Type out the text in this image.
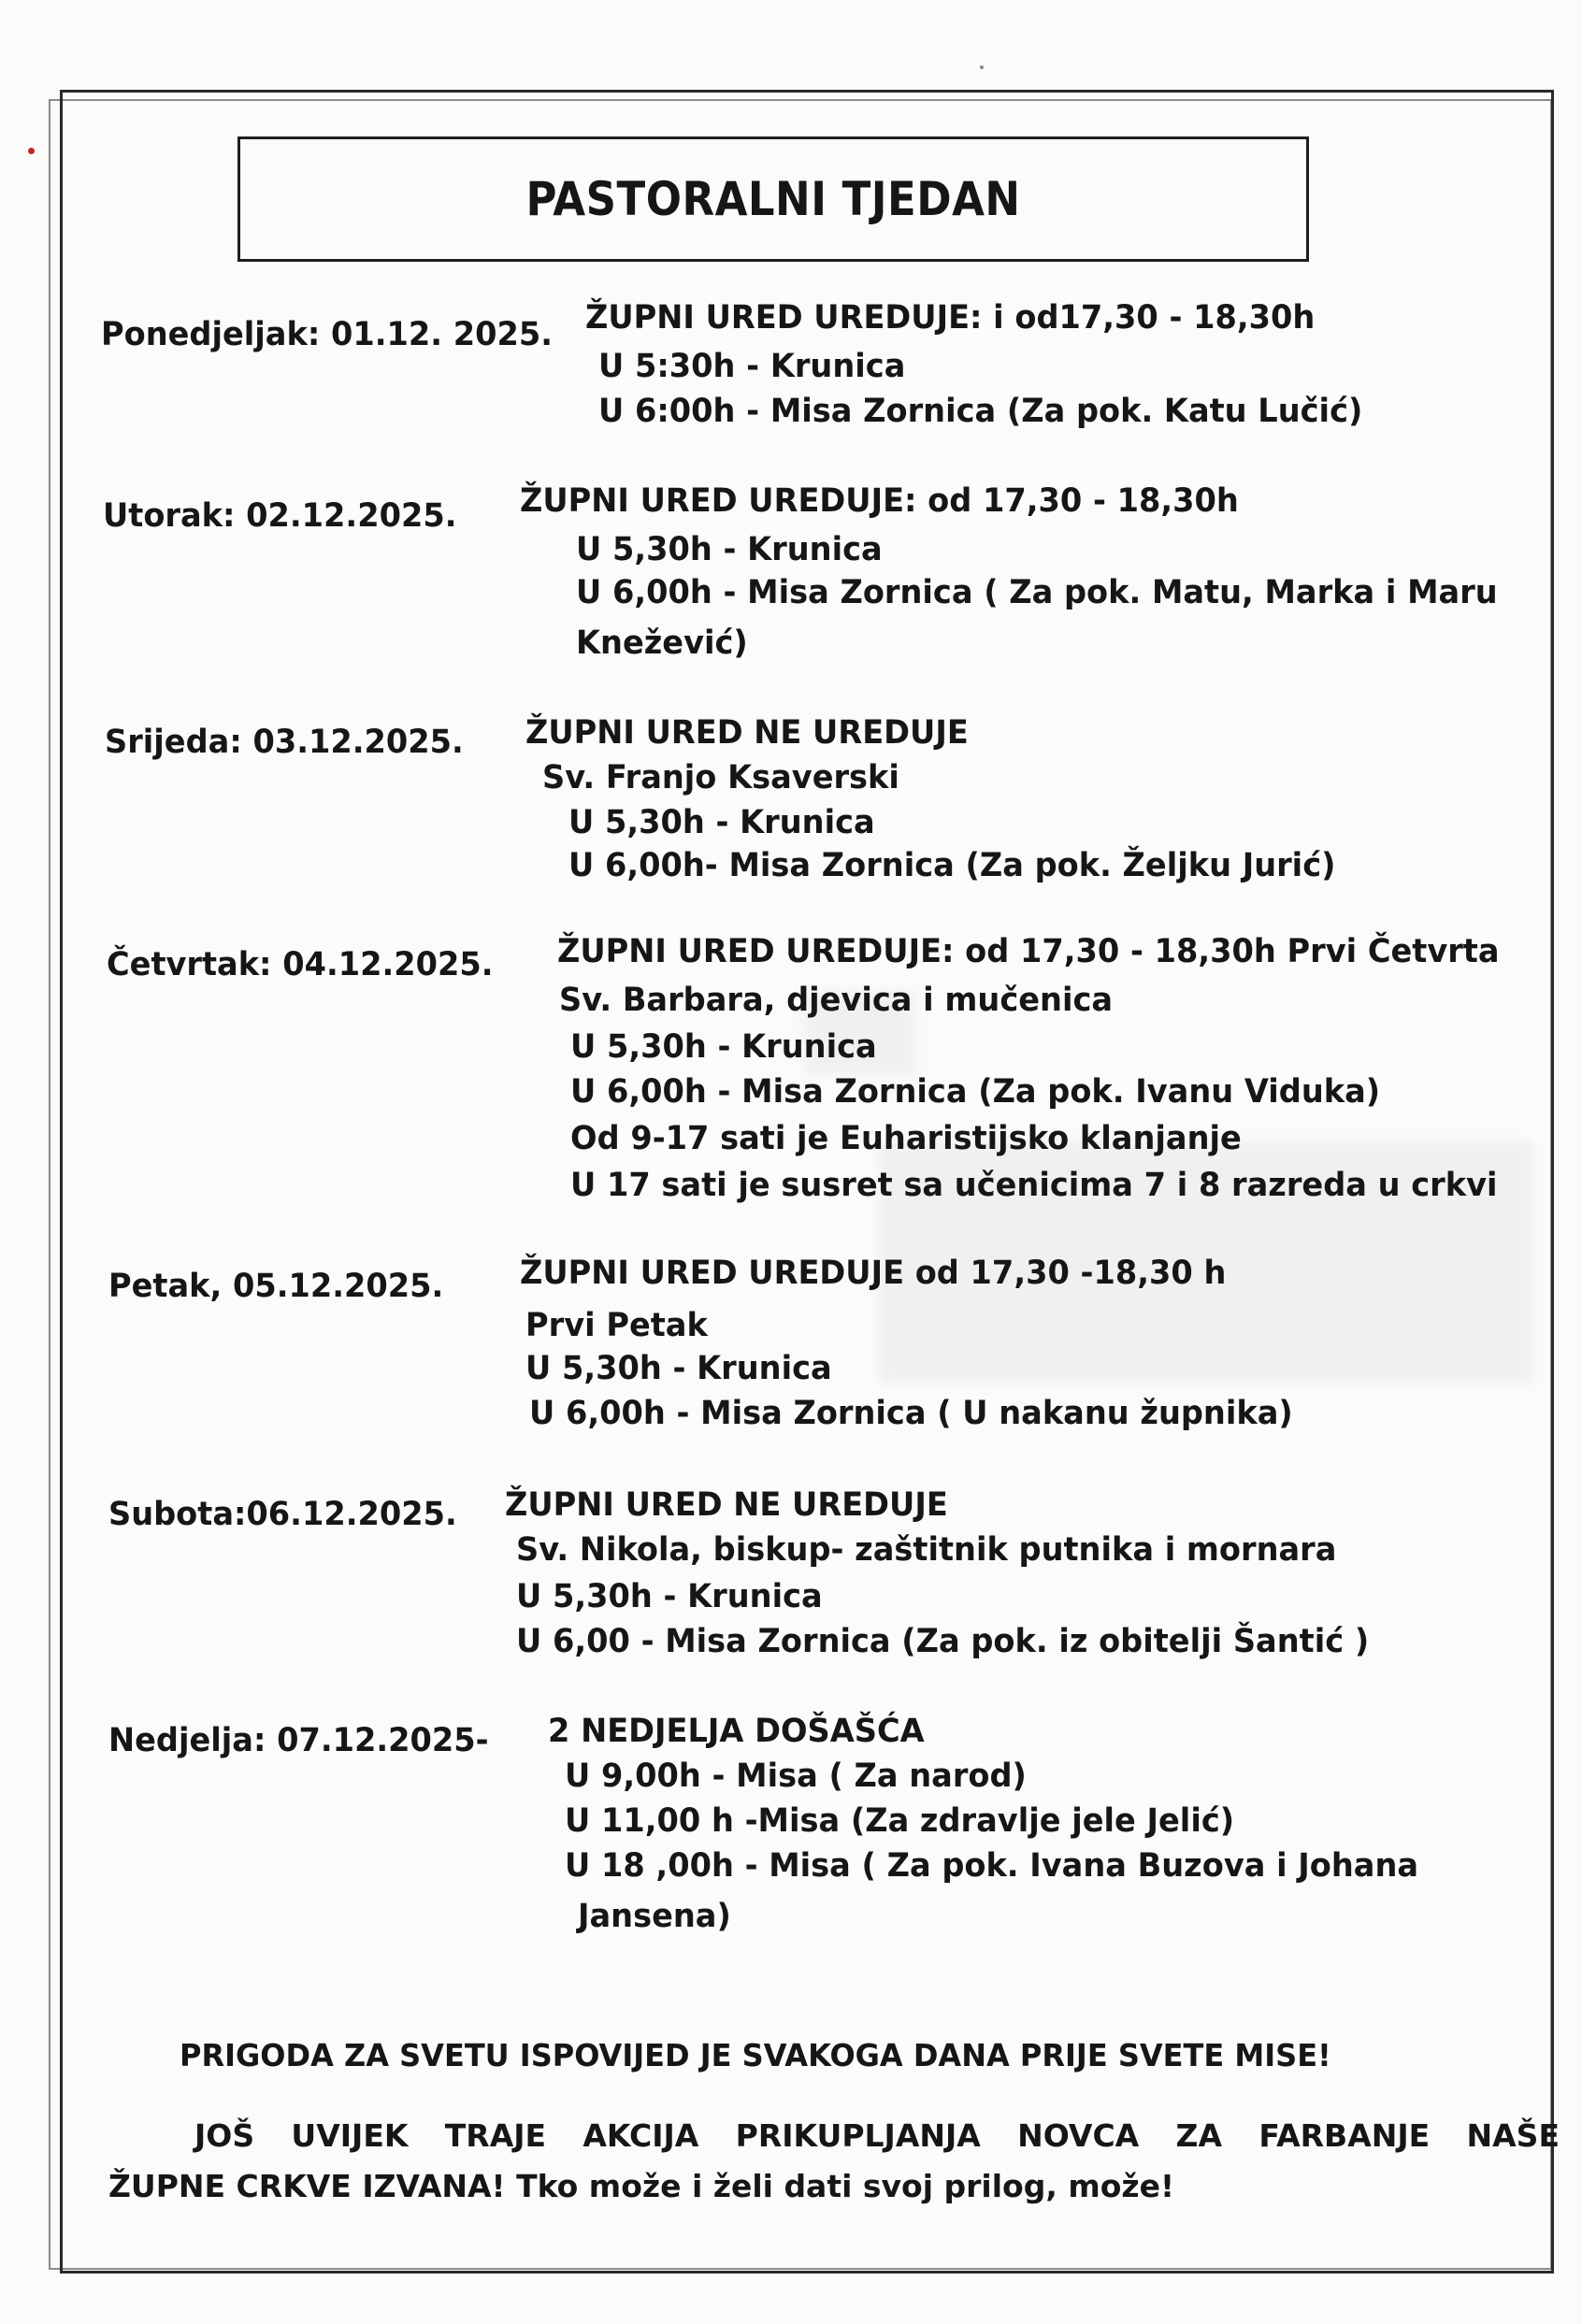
PASTORALNI TJEDAN
Ponedjeljak: 01.12. 2025. ŽUPNI URED UREDUJE: i od17,30 - 18,30h
U 5:30h - Krunica
U 6:00h - Misa Zornica (Za pok. Katu Lučić)
Utorak: 02.12.2025. ŽUPNI URED UREDUJE: od 17,30 - 18,30h
U 5,30h - Krunica
U 6,00h - Misa Zornica ( Za pok. Matu, Marka i Maru
Knežević)
Srijeda: 03.12.2025. ŽUPNI URED NE UREDUJE
Sv. Franjo Ksaverski
U 5,30h - Krunica
U 6,00h- Misa Zornica (Za pok. Željku Jurić)
Četvrtak: 04.12.2025. ŽUPNI URED UREDUJE: od 17,30 - 18,30h Prvi Četvrta
Sv. Barbara, djevica i mučenica
U 5,30h - Krunica
U 6,00h - Misa Zornica (Za pok. Ivanu Viduka)
Od 9-17 sati je Euharistijsko klanjanje
U 17 sati je susret sa učenicima 7 i 8 razreda u crkvi
Petak, 05.12.2025. ŽUPNI URED UREDUJE od 17,30 -18,30 h
Prvi Petak
U 5,30h - Krunica
U 6,00h - Misa Zornica ( U nakanu župnika)
Subota:06.12.2025. ŽUPNI URED NE UREDUJE
Sv. Nikola, biskup- zaštitnik putnika i mornara
U 5,30h - Krunica
U 6,00 - Misa Zornica (Za pok. iz obitelji Šantić )
Nedjelja: 07.12.2025- 2 NEDJELJA DOŠAŠĆA
U 9,00h - Misa ( Za narod)
U 11,00 h -Misa (Za zdravlje jele Jelić)
U 18 ,00h - Misa ( Za pok. Ivana Buzova i Johana
Jansena)
PRIGODA ZA SVETU ISPOVIJED JE SVAKOGA DANA PRIJE SVETE MISE!
JOŠ UVIJEK TRAJE AKCIJA PRIKUPLJANJA NOVCA ZA FARBANJE NAŠE
ŽUPNE CRKVE IZVANA! Tko može i želi dati svoj prilog, može!
